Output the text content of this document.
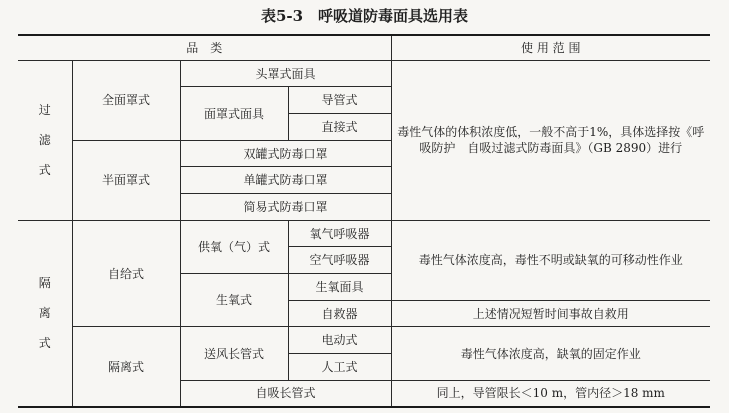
表5-3　呼吸道防毒面具选用表
品　类				使 用 范 围

过滤式	全面罩式	头罩式面具		毒性气体的体积浓度低，一般不高于1%，具体选择按《呼吸防护　自吸过滤式防毒面具》（GB 2890）进行
		面罩式面具	导管式	
			直接式	
	半面罩式	双罐式防毒口罩		
		单罐式防毒口罩		
		简易式防毒口罩		

隔离式	自给式	供氧（气）式	氧气呼吸器	毒性气体浓度高，毒性不明或缺氧的可移动性作业
			空气呼吸器	
		生氧式	生氧面具	
			自救器	上述情况短暂时间事故自救用
	隔离式	送风长管式	电动式	毒性气体浓度高，缺氧的固定作业
			人工式	
		自吸长管式		同上，导管限长＜10 m，管内径＞18 mm
